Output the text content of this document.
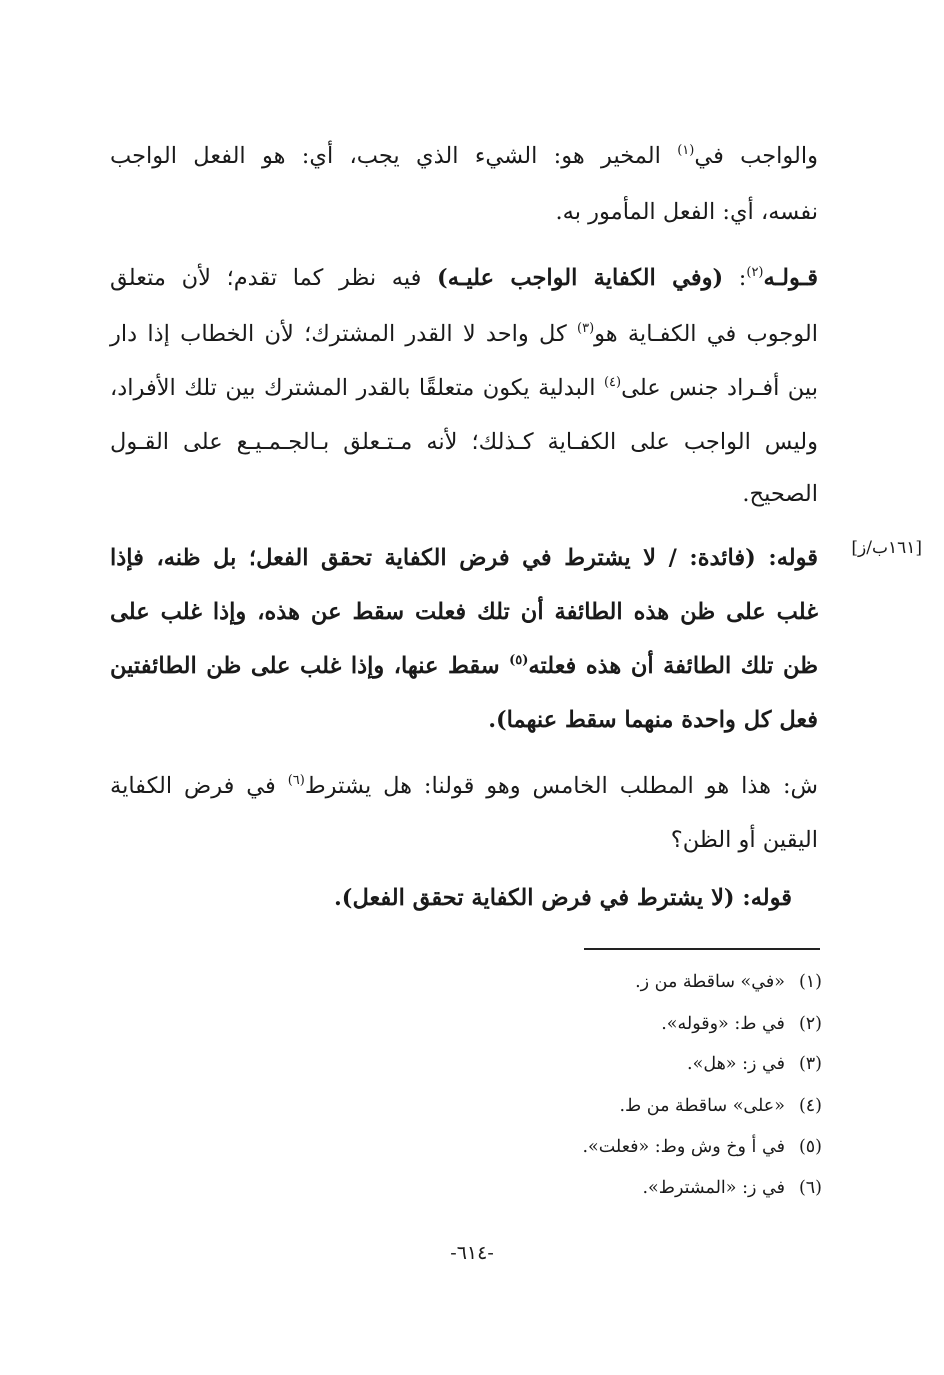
والواجب في$^{(١)}$ المخير هو: الشيء الذي يجب، أي: هو الفعل الواجب
نفسه، أي: الفعل المأمور به.
قـولـه$^{(٢)}$: (وفي الكفاية الواجب عليـه) فيه نظر كما تقدم؛ لأن متعلق
الوجوب في الكفـاية هو$^{(٣)}$ كل واحد لا القدر المشترك؛ لأن الخطاب إذا دار
بين أفـراد جنس على$^{(٤)}$ البدلية يكون متعلقًا بالقدر المشترك بين تلك الأفراد،
وليس الواجب على الكفـاية كـذلك؛ لأنه مـتـعلق بـالجـمـيـع على القـول
الصحيح.
[١٦١ب/ز]
قوله: (فائدة: / لا يشترط في فرض الكفاية تحقق الفعل؛ بل ظنه، فإذا
غلب على ظن هذه الطائفة أن تلك فعلت سقط عن هذه، وإذا غلب على
ظن تلك الطائفة أن هذه فعلته$^{(٥)}$ سقط عنها، وإذا غلب على ظن الطائفتين
فعل كل واحدة منهما سقط عنهما).
ش: هذا هو المطلب الخامس وهو قولنا: هل يشترط$^{(٦)}$ في فرض الكفاية
اليقين أو الظن؟
قوله: (لا يشترط في فرض الكفاية تحقق الفعل).
(١)«في» ساقطة من ز.
(٢)في ط: «وقوله».
(٣)في ز: «هل».
(٤)«على» ساقطة من ط.
(٥)في أ وخ وش وط: «فعلت».
(٦)في ز: «المشترط».
-٦١٤-
